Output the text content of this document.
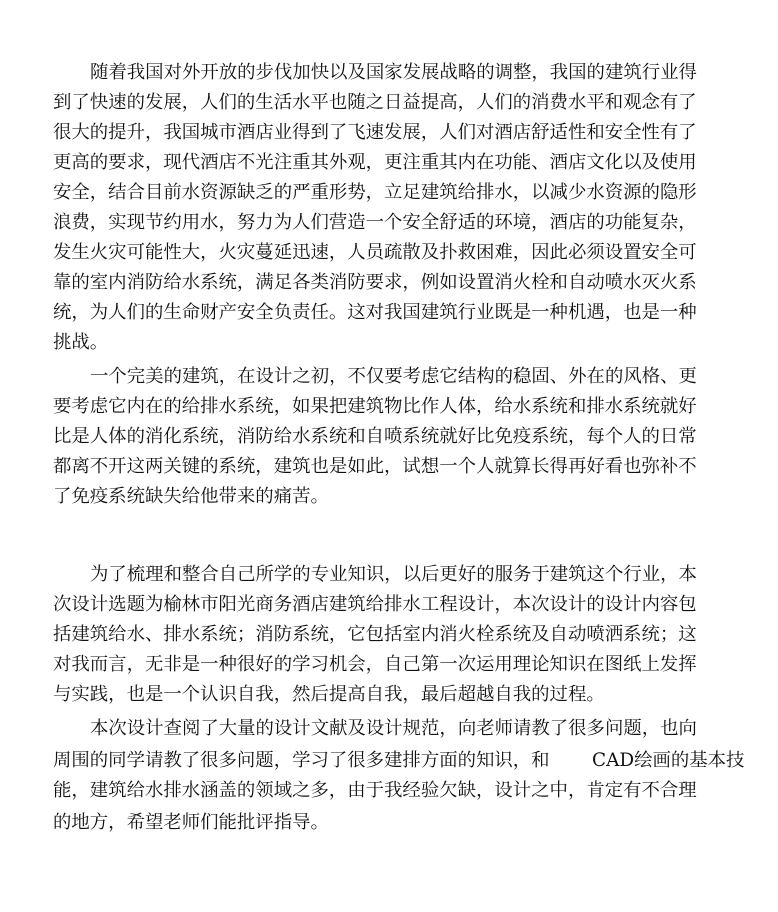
随着我国对外开放的步伐加快以及国家发展战略的调整，我国的建筑行业得
到了快速的发展，人们的生活水平也随之日益提高，人们的消费水平和观念有了
很大的提升，我国城市酒店业得到了飞速发展，人们对酒店舒适性和安全性有了
更高的要求，现代酒店不光注重其外观，更注重其内在功能、酒店文化以及使用
安全，结合目前水资源缺乏的严重形势，立足建筑给排水，以减少水资源的隐形
浪费，实现节约用水，努力为人们营造一个安全舒适的环境，酒店的功能复杂，
发生火灾可能性大，火灾蔓延迅速，人员疏散及扑救困难，因此必须设置安全可
靠的室内消防给水系统，满足各类消防要求，例如设置消火栓和自动喷水灭火系
统，为人们的生命财产安全负责任。这对我国建筑行业既是一种机遇，也是一种
挑战。
一个完美的建筑，在设计之初，不仅要考虑它结构的稳固、外在的风格、更
要考虑它内在的给排水系统，如果把建筑物比作人体，给水系统和排水系统就好
比是人体的消化系统，消防给水系统和自喷系统就好比免疫系统，每个人的日常
都离不开这两关键的系统，建筑也是如此，试想一个人就算长得再好看也弥补不
了免疫系统缺失给他带来的痛苦。
为了梳理和整合自己所学的专业知识，以后更好的服务于建筑这个行业，本
次设计选题为榆林市阳光商务酒店建筑给排水工程设计，本次设计的设计内容包
括建筑给水、排水系统；消防系统，它包括室内消火栓系统及自动喷洒系统；这
对我而言，无非是一种很好的学习机会，自己第一次运用理论知识在图纸上发挥
与实践，也是一个认识自我，然后提高自我，最后超越自我的过程。
本次设计查阅了大量的设计文献及设计规范，向老师请教了很多问题，也向
周围的同学请教了很多问题，学习了很多建排方面的知识，和 CAD绘画的基本技
能，建筑给水排水涵盖的领域之多，由于我经验欠缺，设计之中，肯定有不合理
的地方，希望老师们能批评指导。
